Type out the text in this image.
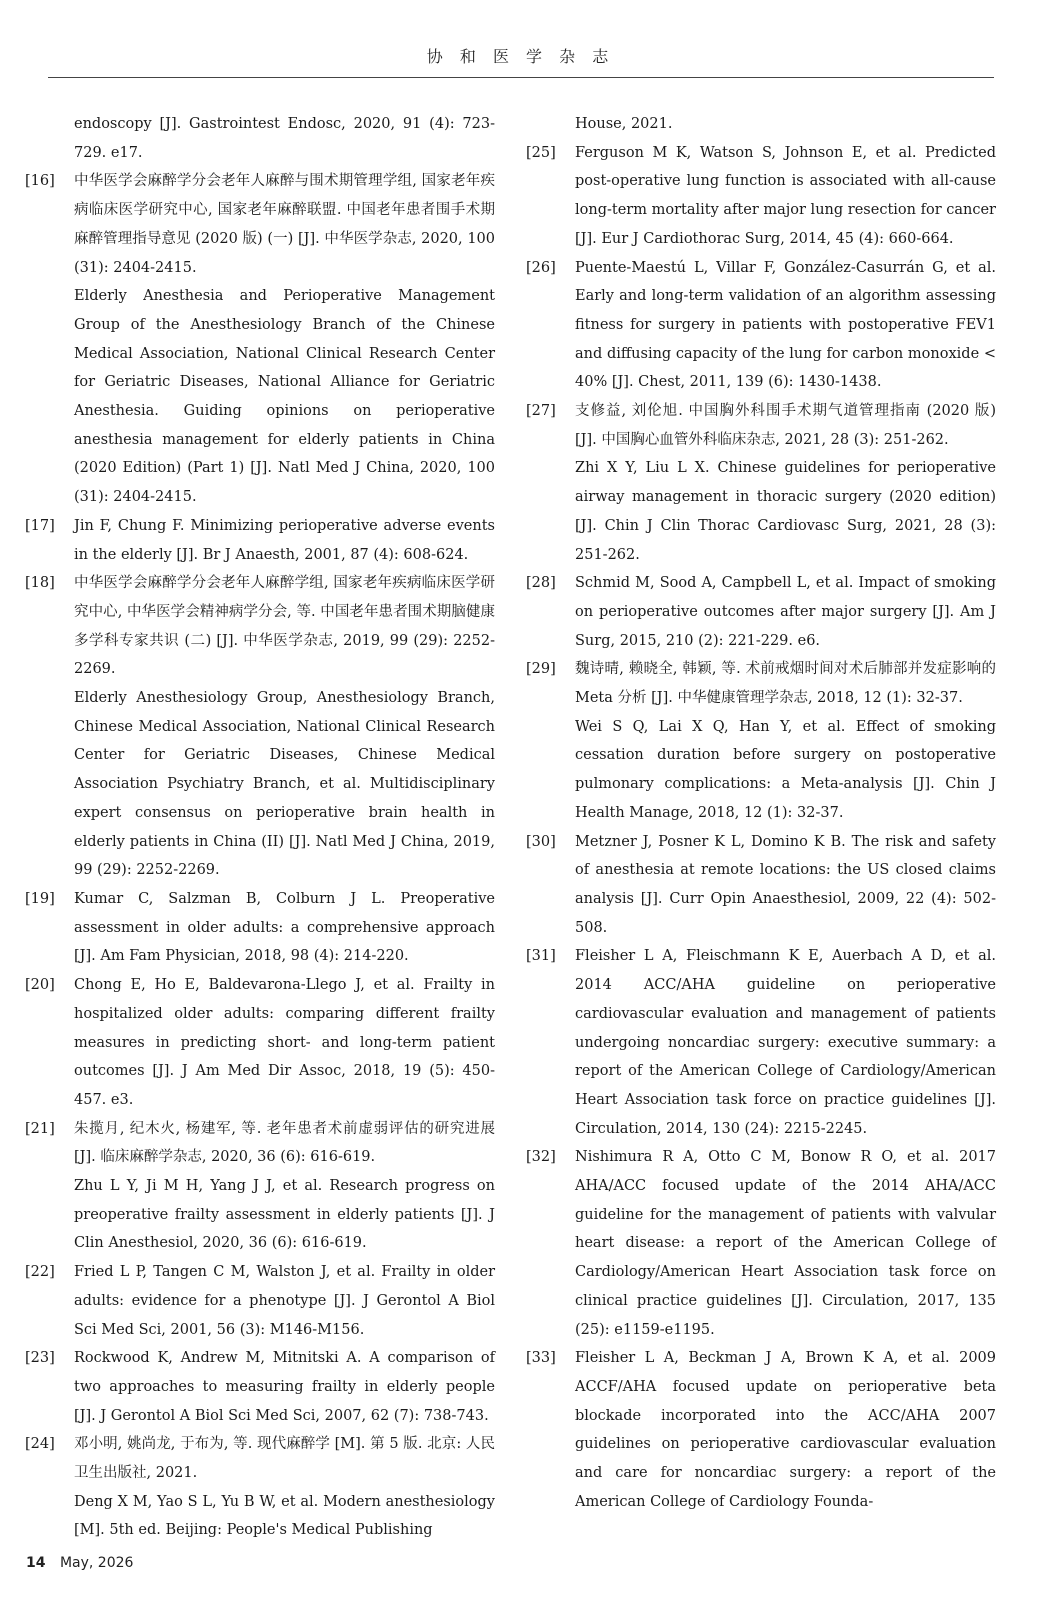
协 和 医 学 杂 志

endoscopy [J]. Gastrointest Endosc, 2020, 91 (4): 723-729. e17.

[16] 中华医学会麻醉学分会老年人麻醉与围术期管理学组, 国家老年疾病临床医学研究中心, 国家老年麻醉联盟. 中国老年患者围手术期麻醉管理指导意见 (2020 版) (一) [J]. 中华医学杂志, 2020, 100 (31): 2404-2415.

Elderly Anesthesia and Perioperative Management Group of the Anesthesiology Branch of the Chinese Medical Association, National Clinical Research Center for Geriatric Diseases, National Alliance for Geriatric Anesthesia. Guiding opinions on perioperative anesthesia management for elderly patients in China (2020 Edition) (Part 1) [J]. Natl Med J China, 2020, 100 (31): 2404-2415.

[17] Jin F, Chung F. Minimizing perioperative adverse events in the elderly [J]. Br J Anaesth, 2001, 87 (4): 608-624.

[18] 中华医学会麻醉学分会老年人麻醉学组, 国家老年疾病临床医学研究中心, 中华医学会精神病学分会, 等. 中国老年患者围术期脑健康多学科专家共识 (二) [J]. 中华医学杂志, 2019, 99 (29): 2252-2269.

Elderly Anesthesiology Group, Anesthesiology Branch, Chinese Medical Association, National Clinical Research Center for Geriatric Diseases, Chinese Medical Association Psychiatry Branch, et al. Multidisciplinary expert consensus on perioperative brain health in elderly patients in China (II) [J]. Natl Med J China, 2019, 99 (29): 2252-2269.

[19] Kumar C, Salzman B, Colburn J L. Preoperative assessment in older adults: a comprehensive approach [J]. Am Fam Physician, 2018, 98 (4): 214-220.

[20] Chong E, Ho E, Baldevarona-Llego J, et al. Frailty in hospitalized older adults: comparing different frailty measures in predicting short- and long-term patient outcomes [J]. J Am Med Dir Assoc, 2018, 19 (5): 450-457. e3.

[21] 朱揽月, 纪木火, 杨建军, 等. 老年患者术前虚弱评估的研究进展 [J]. 临床麻醉学杂志, 2020, 36 (6): 616-619.

Zhu L Y, Ji M H, Yang J J, et al. Research progress on preoperative frailty assessment in elderly patients [J]. J Clin Anesthesiol, 2020, 36 (6): 616-619.

[22] Fried L P, Tangen C M, Walston J, et al. Frailty in older adults: evidence for a phenotype [J]. J Gerontol A Biol Sci Med Sci, 2001, 56 (3): M146-M156.

[23] Rockwood K, Andrew M, Mitnitski A. A comparison of two approaches to measuring frailty in elderly people [J]. J Gerontol A Biol Sci Med Sci, 2007, 62 (7): 738-743.

[24] 邓小明, 姚尚龙, 于布为, 等. 现代麻醉学 [M]. 第 5 版. 北京: 人民卫生出版社, 2021.

Deng X M, Yao S L, Yu B W, et al. Modern anesthesiology [M]. 5th ed. Beijing: People's Medical Publishing

House, 2021.

[25] Ferguson M K, Watson S, Johnson E, et al. Predicted post-operative lung function is associated with all-cause long-term mortality after major lung resection for cancer [J]. Eur J Cardiothorac Surg, 2014, 45 (4): 660-664.

[26] Puente-Maestú L, Villar F, González-Casurrán G, et al. Early and long-term validation of an algorithm assessing fitness for surgery in patients with postoperative FEV1 and diffusing capacity of the lung for carbon monoxide < 40% [J]. Chest, 2011, 139 (6): 1430-1438.

[27] 支修益, 刘伦旭. 中国胸外科围手术期气道管理指南 (2020 版) [J]. 中国胸心血管外科临床杂志, 2021, 28 (3): 251-262.

Zhi X Y, Liu L X. Chinese guidelines for perioperative airway management in thoracic surgery (2020 edition) [J]. Chin J Clin Thorac Cardiovasc Surg, 2021, 28 (3): 251-262.

[28] Schmid M, Sood A, Campbell L, et al. Impact of smoking on perioperative outcomes after major surgery [J]. Am J Surg, 2015, 210 (2): 221-229. e6.

[29] 魏诗晴, 赖晓全, 韩颖, 等. 术前戒烟时间对术后肺部并发症影响的 Meta 分析 [J]. 中华健康管理学杂志, 2018, 12 (1): 32-37.

Wei S Q, Lai X Q, Han Y, et al. Effect of smoking cessation duration before surgery on postoperative pulmonary complications: a Meta-analysis [J]. Chin J Health Manage, 2018, 12 (1): 32-37.

[30] Metzner J, Posner K L, Domino K B. The risk and safety of anesthesia at remote locations: the US closed claims analysis [J]. Curr Opin Anaesthesiol, 2009, 22 (4): 502-508.

[31] Fleisher L A, Fleischmann K E, Auerbach A D, et al. 2014 ACC/AHA guideline on perioperative cardiovascular evaluation and management of patients undergoing noncardiac surgery: executive summary: a report of the American College of Cardiology/American Heart Association task force on practice guidelines [J]. Circulation, 2014, 130 (24): 2215-2245.

[32] Nishimura R A, Otto C M, Bonow R O, et al. 2017 AHA/ACC focused update of the 2014 AHA/ACC guideline for the management of patients with valvular heart disease: a report of the American College of Cardiology/American Heart Association task force on clinical practice guidelines [J]. Circulation, 2017, 135 (25): e1159-e1195.

[33] Fleisher L A, Beckman J A, Brown K A, et al. 2009 ACCF/AHA focused update on perioperative beta blockade incorporated into the ACC/AHA 2007 guidelines on perioperative cardiovascular evaluation and care for noncardiac surgery: a report of the American College of Cardiology Founda-

14 May, 2026
